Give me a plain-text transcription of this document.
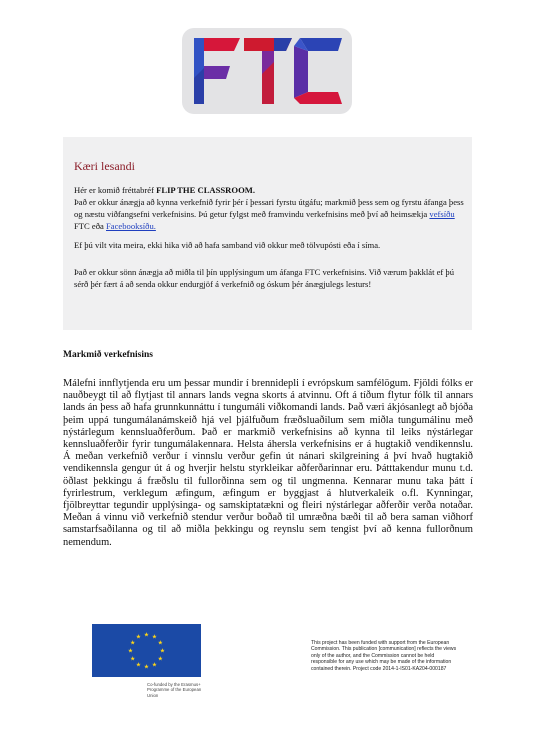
Kæri lesandi
Hér er komið fréttabréf FLIP THE CLASSROOM.
Það er okkur ánægja að kynna verkefnið fyrir þér í þessari fyrstu útgáfu; markmið þess sem og fyrstu áfanga þess og næstu viðfangsefni verkefnisins. Þú getur fylgst með framvindu verkefnisins með því að heimsækja vefsíðu FTC eða Facebooksíðu.
Ef þú vilt vita meira, ekki hika við að hafa samband við okkur með tölvupósti eða í síma.
Það er okkur sönn ánægja að miðla til þín upplýsingum um áfanga FTC verkefnisins. Við værum þakklát ef þú sérð þér fært á að senda okkur endurgjöf á verkefnið og óskum þér ánægjulegs lesturs!
Markmið verkefnisins
Málefni innflytjenda eru um þessar mundir í brennidepli í evrópskum samfélögum. Fjöldi fólks er nauðbeygt til að flytjast til annars lands vegna skorts á atvinnu. Oft á tíðum flytur fólk til annars lands án þess að hafa grunnkunnáttu í tungumáli viðkomandi lands. Það væri ákjósanlegt að bjóða þeim uppá tungumálanámskeið hjá vel þjálfuðum fræðsluaðilum sem miðla tungumálinu með nýstárlegum kennsluaðferðum. Það er markmið verkefnisins að kynna til leiks nýstárlegar kennsluaðferðir fyrir tungumálakennara. Helsta áhersla verkefnisins er á hugtakið vendikennslu. Á meðan verkefnið verður í vinnslu verður gefin út nánari skilgreining á því hvað hugtakið vendikennsla gengur út á og hverjir helstu styrkleikar aðferðarinnar eru. Þátttakendur munu t.d. öðlast þekkingu á fræðslu til fullorðinna sem og til ungmenna. Kennarar munu taka þátt í fyrirlestrum, verklegum æfingum, æfingum er byggjast á hlutverkaleik o.fl. Kynningar, fjölbreyttar tegundir upplýsinga- og samskiptatækni og fleiri nýstárlegar aðferðir verða notaðar. Meðan á vinnu við verkefnið stendur verður boðað til umræðna bæði til að bera saman viðhorf samstarfsaðilanna og til að miðla þekkingu og reynslu sem tengist því að kenna fullorðnum nemendum.
★
★
★
★
★
★
★
★
★ ★ ★
★
Co-funded by the Erasmus+ Programme of the European Union
This project has been funded with support from the European Commission. This publication [communication] reflects the views only of the author, and the Commission cannot be held responsible for any use which may be made of the information contained therein. Project code 2014-1-IS01-KA204-000187
